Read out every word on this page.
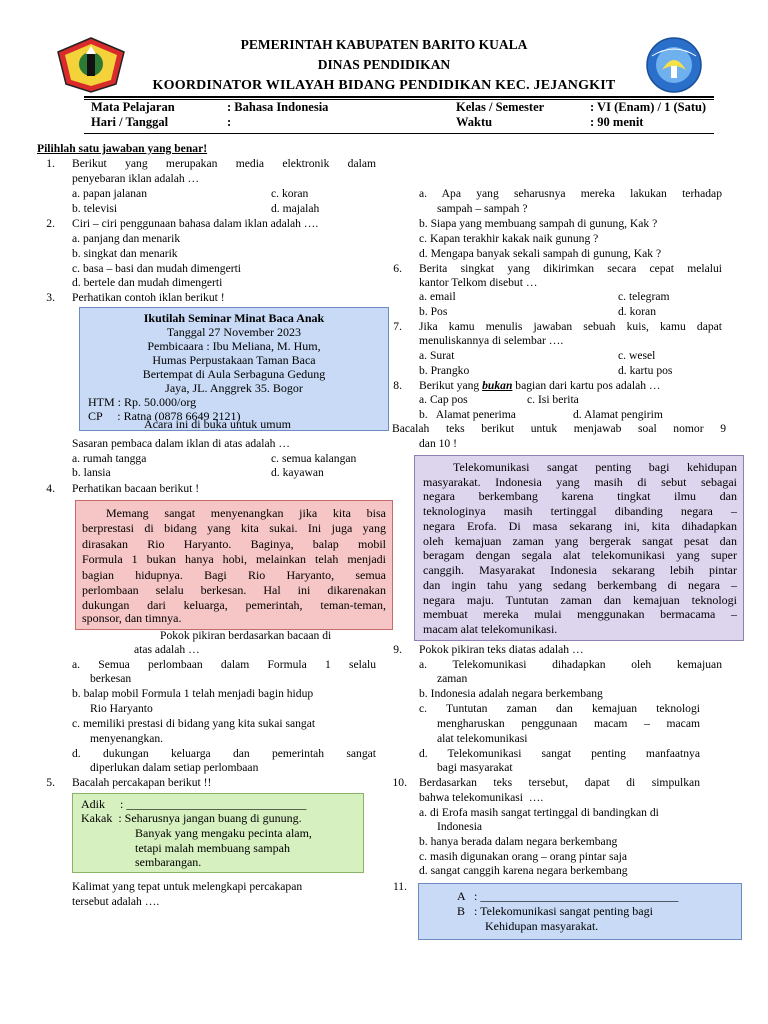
PEMERINTAH KABUPATEN BARITO KUALA
DINAS PENDIDIKAN
KOORDINATOR WILAYAH BIDANG PENDIDIKAN KEC. JEJANGKIT
Mata Pelajaran	: Bahasa Indonesia	Kelas / Semester	: VI (Enam) / 1 (Satu)
Hari / Tanggal	:	Waktu	: 90 menit
Pilihlah satu jawaban yang benar!
1. Berikut yang merupakan media elektronik dalam
penyebaran iklan adalah …
a. papan jalanan	c. koran
b. televisi	d. majalah
2. Ciri – ciri penggunaan bahasa dalam iklan adalah ….
a. panjang dan menarik
b. singkat dan menarik
c. basa – basi dan mudah dimengerti
d. bertele dan mudah dimengerti
3. Perhatikan contoh iklan berikut !
Ikutilah Seminar Minat Baca Anak
Tanggal 27 November 2023
Pembicaara : Ibu Meliana, M. Hum,
Humas Perpustakaan Taman Baca
Bertempat di Aula Serbaguna Gedung
Jaya, JL. Anggrek 35. Bogor
HTM : Rp. 50.000/org
CP     : Ratna (0878 6649 2121)
Acara ini di buka untuk umum
Sasaran pembaca dalam iklan di atas adalah …
a. rumah tangga	c. semua kalangan
b. lansia	d. kayawan
4. Perhatikan bacaan berikut !
Memang sangat menyenangkan jika kita bisa
berprestasi di bidang yang kita sukai. Ini juga yang
dirasakan Rio Haryanto. Baginya, balap mobil
Formula 1 bukan hanya hobi, melainkan telah menjadi
bagian hidupnya. Bagi Rio Haryanto, semua
perlombaan selalu berkesan. Hal ini dikarenakan
dukungan dari keluarga, pemerintah, teman-teman,
sponsor, dan timnya.
Pokok pikiran berdasarkan bacaan di
atas adalah …
a. Semua perlombaan dalam Formula 1 selalu
berkesan
b. balap mobil Formula 1 telah menjadi bagin hidup
Rio Haryanto
c. memiliki prestasi di bidang yang kita sukai sangat
menyenangkan.
d. dukungan keluarga dan pemerintah sangat
diperlukan dalam setiap perlombaan
5. Bacalah percakapan berikut !!
Adik     : ______________________________
Kakak  : Seharusnya jangan buang di gunung.
Banyak yang mengaku pecinta alam,
tetapi malah membuang sampah
sembarangan.
Kalimat yang tepat untuk melengkapi percakapan
tersebut adalah ….
a. Apa yang seharusnya mereka lakukan terhadap
sampah – sampah ?
b. Siapa yang membuang sampah di gunung, Kak ?
c. Kapan terakhir kakak naik gunung ?
d. Mengapa banyak sekali sampah di gunung, Kak ?
6. Berita singkat yang dikirimkan secara cepat melalui
kantor Telkom disebut …
a. email	c. telegram
b. Pos	d. koran
7. Jika kamu menulis jawaban sebuah kuis, kamu dapat
menuliskannya di selembar ….
a. Surat	c. wesel
b. Prangko	d. kartu pos
8. Berikut yang bukan bagian dari kartu pos adalah …
a. Cap pos	c. Isi berita
b.   Alamat penerima	d. Alamat pengirim
Bacalah teks berikut untuk menjawab soal nomor 9
dan 10 !
Telekomunikasi sangat penting bagi kehidupan
masyarakat. Indonesia yang masih di sebut sebagai
negara berkembang karena tingkat ilmu dan
teknologinya masih tertinggal dibanding negara –
negara Erofa. Di masa sekarang ini, kita dihadapkan
oleh kemajuan zaman yang bergerak sangat pesat dan
beragam dengan segala alat telekomunikasi yang super
canggih. Masyarakat Indonesia sekarang lebih pintar
dan ingin tahu yang sedang berkembang di negara –
negara maju. Tuntutan zaman dan kemajuan teknologi
membuat mereka mulai menggunakan bermacama –
macam alat telekomunikasi.
9. Pokok pikiran teks diatas adalah …
a. Telekomunikasi dihadapkan oleh kemajuan
zaman
b. Indonesia adalah negara berkembang
c. Tuntutan zaman dan kemajuan teknologi
mengharuskan penggunaan macam – macam
alat telekomunikasi
d. Telekomunikasi sangat penting manfaatnya
bagi masyarakat
10. Berdasarkan teks tersebut, dapat di simpulkan
bahwa telekomunikasi  ….
a. di Erofa masih sangat tertinggal di bandingkan di
Indonesia
b. hanya berada dalam negara berkembang
c. masih digunakan orang – orang pintar saja
d. sangat canggih karena negara berkembang
11.
A   : _________________________________
B   : Telekomunikasi sangat penting bagi
Kehidupan masyarakat.
